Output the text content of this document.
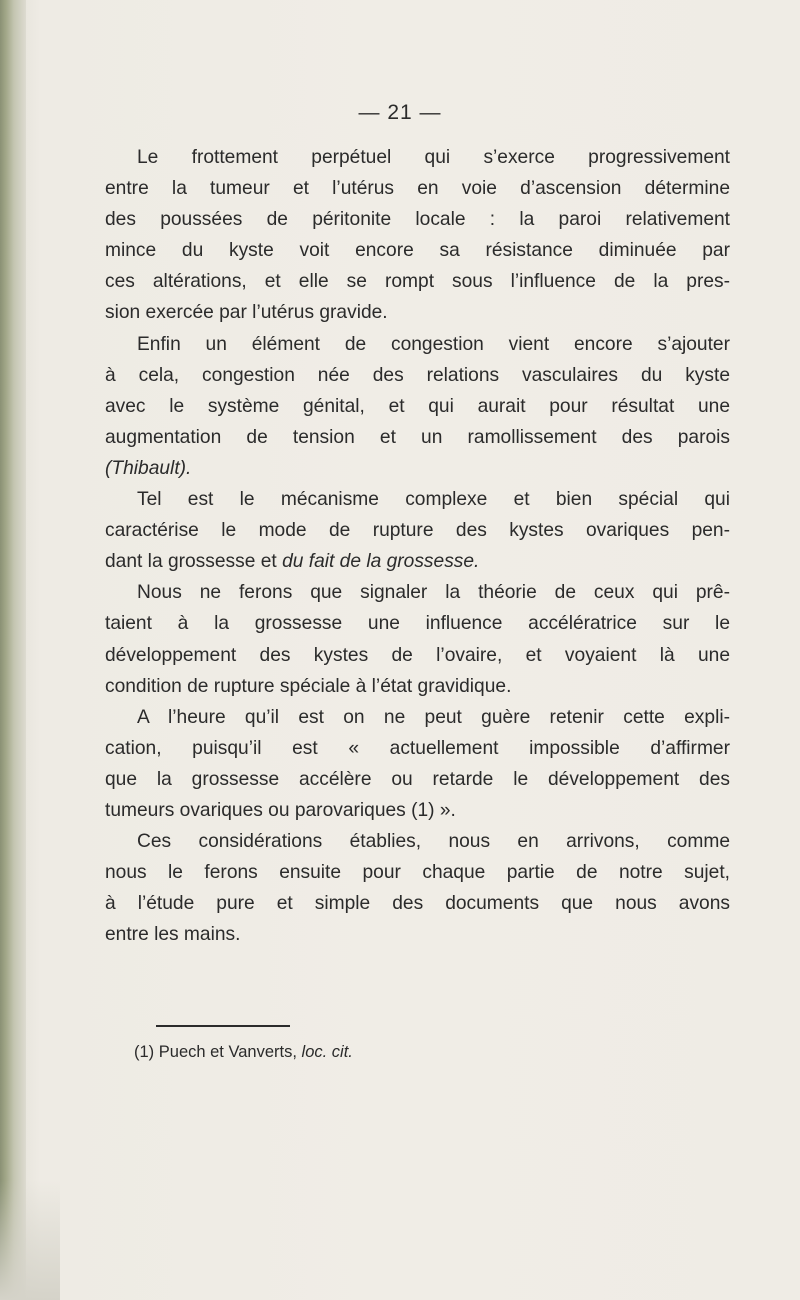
— 21 —
Le frottement perpétuel qui s’exerce progressivement
entre la tumeur et l’utérus en voie d’ascension détermine
des poussées de péritonite locale : la paroi relativement
mince du kyste voit encore sa résistance diminuée par
ces altérations, et elle se rompt sous l’influence de la pres-
sion exercée par l’utérus gravide.
Enfin un élément de congestion vient encore s’ajouter
à cela, congestion née des relations vasculaires du kyste
avec le système génital, et qui aurait pour résultat une
augmentation de tension et un ramollissement des parois
(Thibault).
Tel est le mécanisme complexe et bien spécial qui
caractérise le mode de rupture des kystes ovariques pen-
dant la grossesse et du fait de la grossesse.
Nous ne ferons que signaler la théorie de ceux qui prê-
taient à la grossesse une influence accélératrice sur le
développement des kystes de l’ovaire, et voyaient là une
condition de rupture spéciale à l’état gravidique.
A l’heure qu’il est on ne peut guère retenir cette expli-
cation, puisqu’il est « actuellement impossible d’affirmer
que la grossesse accélère ou retarde le développement des
tumeurs ovariques ou parovariques (1) ».
Ces considérations établies, nous en arrivons, comme
nous le ferons ensuite pour chaque partie de notre sujet,
à l’étude pure et simple des documents que nous avons
entre les mains.
(1) Puech et Vanverts, loc. cit.
